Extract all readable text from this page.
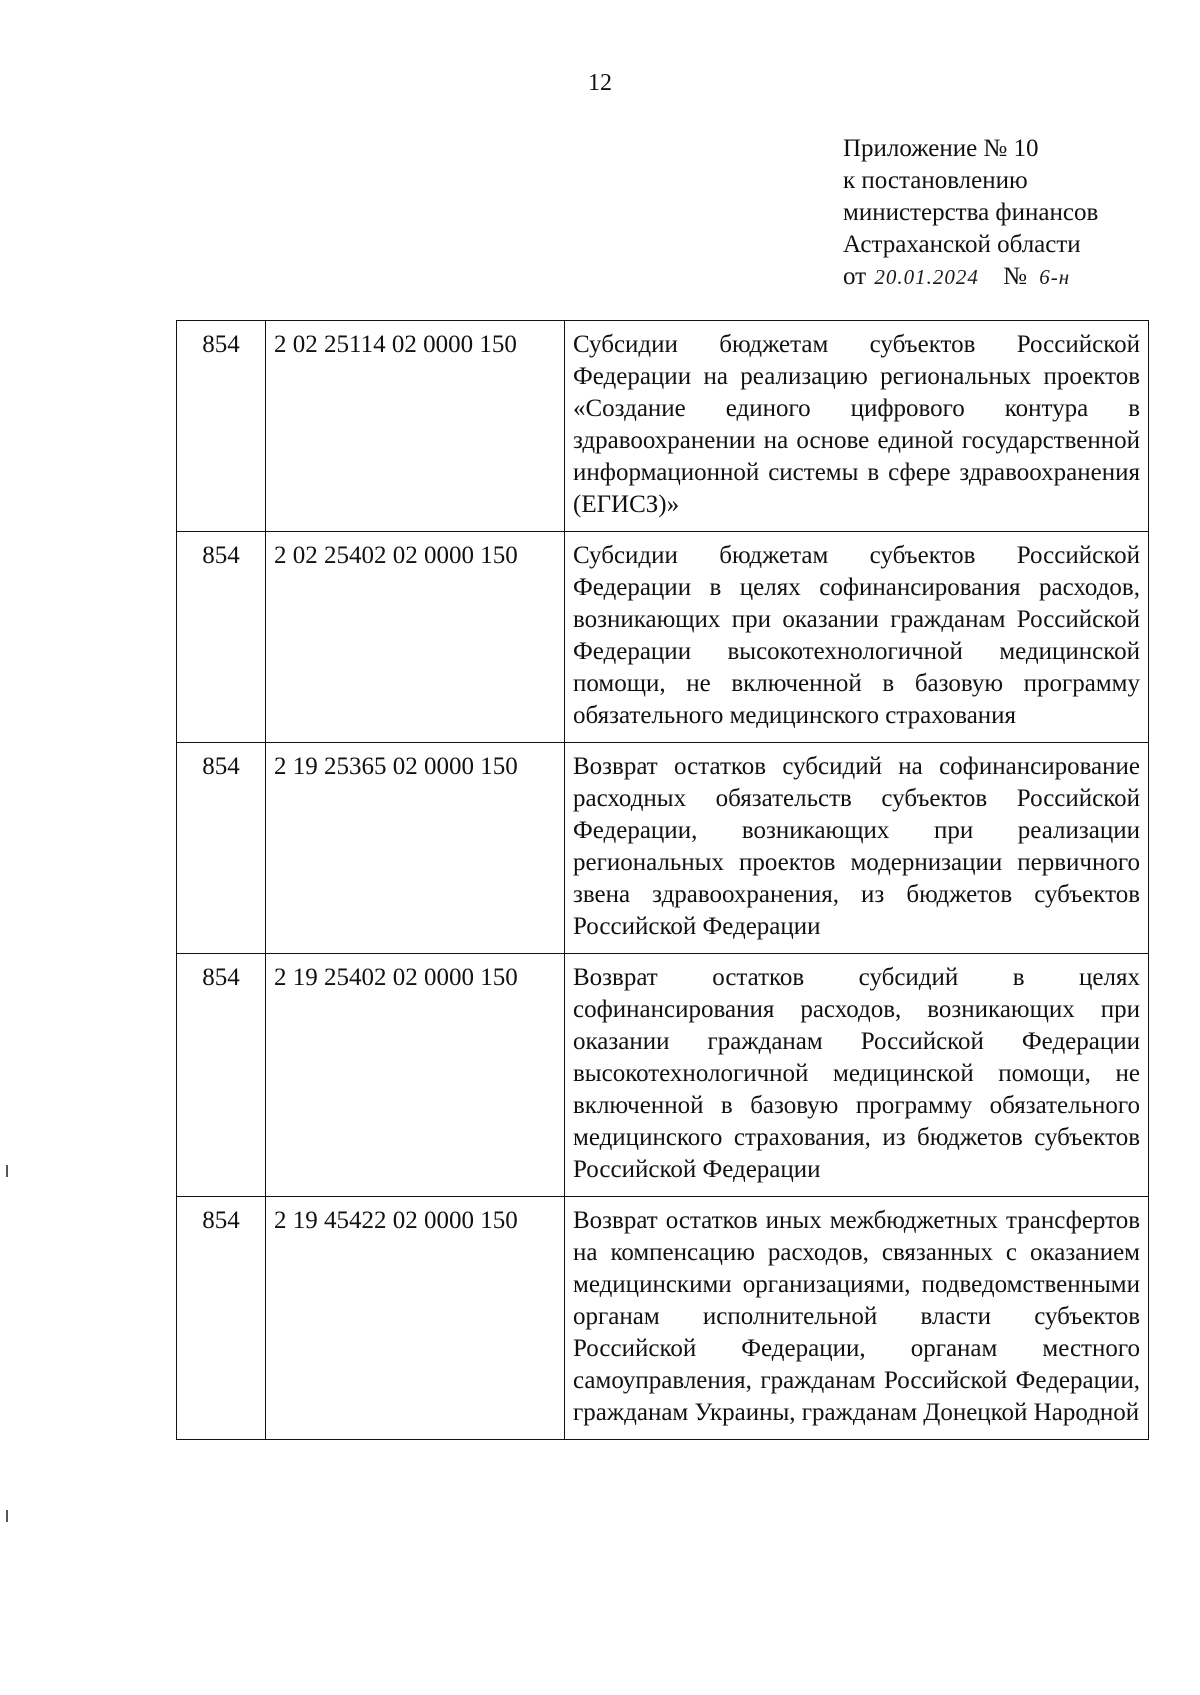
12
Приложение № 10
к постановлению
министерства финансов
Астраханской области
от 20.01.2024 № 6-н
854	2 02 25114 02 0000 150	Субсидии бюджетам субъектов Российской Федерации на реализацию региональных проектов «Создание единого цифрового контура в здравоохранении на основе единой государственной информационной системы в сфере здравоохранения (ЕГИСЗ)»

854	2 02 25402 02 0000 150	Субсидии бюджетам субъектов Российской Федерации в целях софинансирования расходов, возникающих при оказании гражданам Российской Федерации высокотехнологичной медицинской помощи, не включенной в базовую программу обязательного медицинского страхования

854	2 19 25365 02 0000 150	Возврат остатков субсидий на софинансирование расходных обязательств субъектов Российской Федерации, возникающих при реализации региональных проектов модернизации первичного звена здравоохранения, из бюджетов субъектов Российской Федерации

854	2 19 25402 02 0000 150	Возврат остатков субсидий в целях софинансирования расходов, возникающих при оказании гражданам Российской Федерации высокотехнологичной медицинской помощи, не включенной в базовую программу обязательного медицинского страхования, из бюджетов субъектов Российской Федерации

854	2 19 45422 02 0000 150	Возврат остатков иных межбюджетных трансфертов на компенсацию расходов, связанных с оказанием медицинскими организациями, подведомственными органам исполнительной власти субъектов Российской Федерации, органам местного самоуправления, гражданам Российской Федерации, гражданам Украины, гражданам Донецкой Народной
